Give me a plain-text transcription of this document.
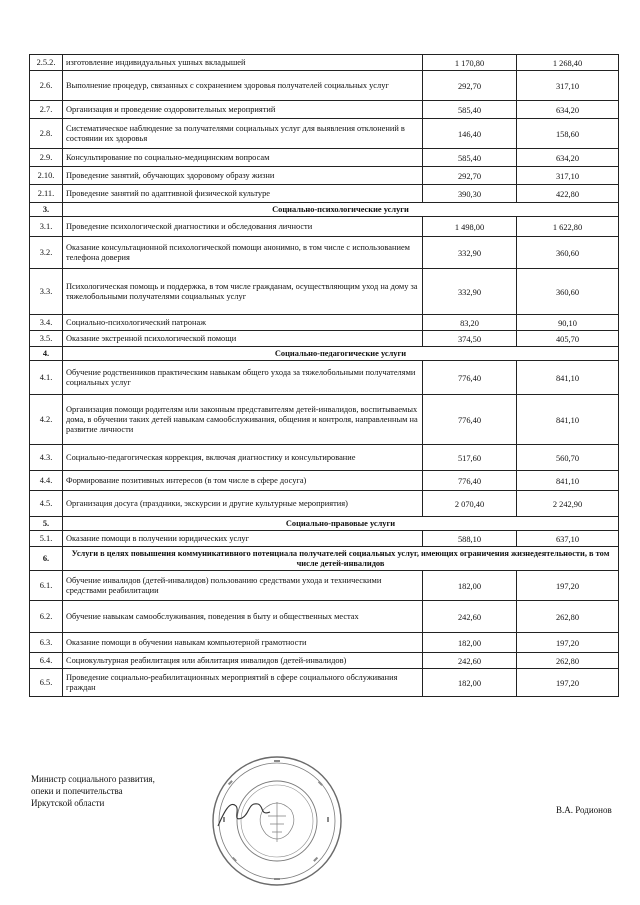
2.5.2.	изготовление индивидуальных ушных вкладышей	1 170,80	1 268,40
2.6.	Выполнение процедур, связанных с сохранением здоровья получателей социальных услуг	292,70	317,10
2.7.	Организация и проведение оздоровительных мероприятий	585,40	634,20
2.8.	Систематическое наблюдение за получателями социальных услуг для выявления отклонений в состоянии их здоровья	146,40	158,60
2.9.	Консультирование по социально-медицинским вопросам	585,40	634,20
2.10.	Проведение занятий, обучающих здоровому образу жизни	292,70	317,10
2.11.	Проведение занятий по адаптивной физической культуре	390,30	422,80
3.	Социально-психологические услуги		
3.1.	Проведение психологической диагностики и обследования личности	1 498,00	1 622,80
3.2.	Оказание консультационной психологической помощи анонимно, в том числе с использованием телефона доверия	332,90	360,60
3.3.	Психологическая помощь и поддержка, в том числе гражданам, осуществляющим уход на дому за тяжелобольными получателями социальных услуг	332,90	360,60
3.4.	Социально-психологический патронаж	83,20	90,10
3.5.	Оказание экстренной психологической помощи	374,50	405,70
4.	Социально-педагогические услуги		
4.1.	Обучение родственников практическим навыкам общего ухода за тяжелобольными получателями социальных услуг	776,40	841,10
4.2.	Организация помощи родителям или законным представителям детей-инвалидов, воспитываемых дома, в обучении таких детей навыкам самообслуживания, общения и контроля, направленным на развитие личности	776,40	841,10
4.3.	Социально-педагогическая коррекция, включая диагностику и консультирование	517,60	560,70
4.4.	Формирование позитивных интересов (в том числе в сфере досуга)	776,40	841,10
4.5.	Организация досуга (праздники, экскурсии и другие культурные мероприятия)	2 070,40	2 242,90
5.	Социально-правовые услуги		
5.1.	Оказание помощи в получении юридических услуг	588,10	637,10
6.	Услуги в целях повышения коммуникативного потенциала получателей социальных услуг, имеющих ограничения жизнедеятельности, в том числе детей-инвалидов		
6.1.	Обучение инвалидов (детей-инвалидов) пользованию средствами ухода и техническими средствами реабилитации	182,00	197,20
6.2.	Обучение навыкам самообслуживания, поведения в быту и общественных местах	242,60	262,80
6.3.	Оказание помощи в обучении навыкам компьютерной грамотности	182,00	197,20
6.4.	Социокультурная реабилитация или абилитация инвалидов (детей-инвалидов)	242,60	262,80
6.5.	Проведение социально-реабилитационных мероприятий в сфере социального обслуживания граждан	182,00	197,20
Министр социального развития,
опеки и попечительства
Иркутской области
В.А. Родионов
